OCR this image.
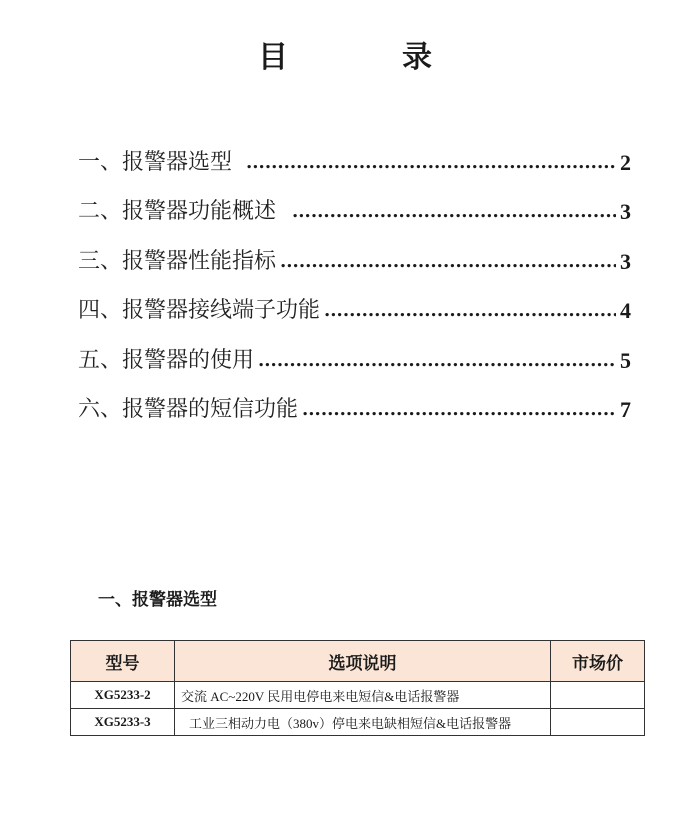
目	录
一、报警器选型 .....	2
二、报警器功能概述 .....	3
三、报警器性能指标 .....	3
四、报警器接线端子功能 .....	4
五、报警器的使用 .....	5
六、报警器的短信功能 .....	7
一、报警器选型
型号	选项说明	市场价
XG5233-2	交流 AC~220V 民用电停电来电短信&电话报警器	
XG5233-3	工业三相动力电（380v）停电来电缺相短信&电话报警器	
